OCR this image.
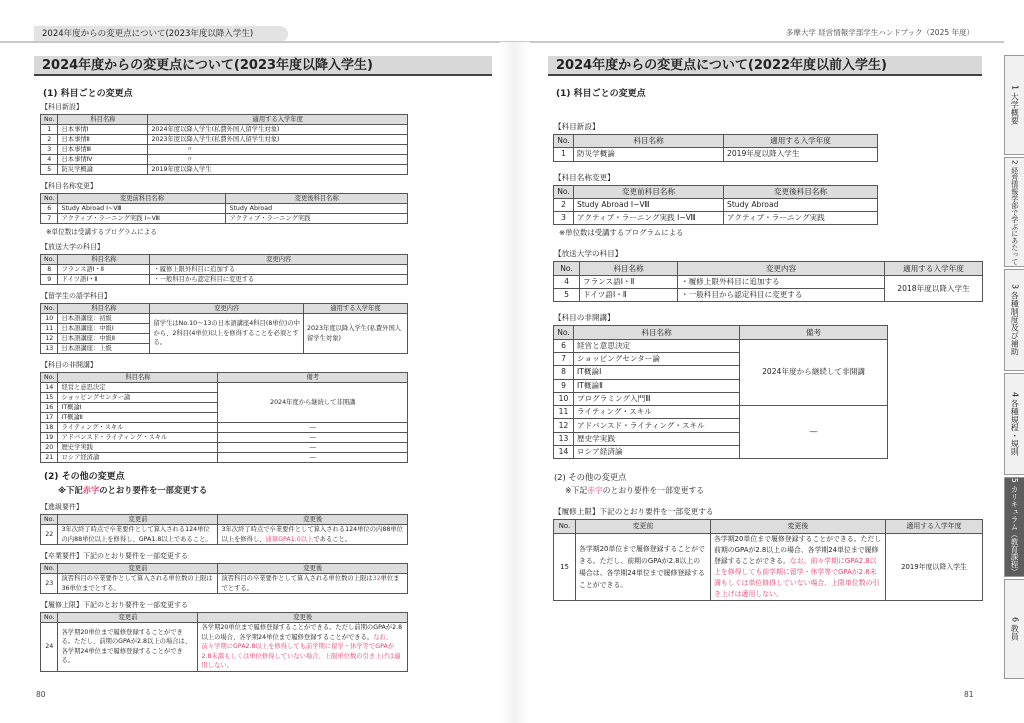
2024年度からの変更点について(2023年度以降入学生)	多摩大学 経営情報学部学生ハンドブック（2025 年度）
2024年度からの変更点について(2023年度以降入学生)	2024年度からの変更点について(2022年度以前入学生)
(1) 科目ごとの変更点
【科目新設】
No.	科目名称	適用する入学年度
1	日本事情Ⅰ	2024年度以降入学生(私費外国人留学生対象)
2	日本事情Ⅱ	2023年度以降入学生(私費外国人留学生対象)
3	日本事情Ⅲ	〃
4	日本事情Ⅳ	〃
5	防災学概論	2019年度以降入学生
【科目名称変更】
No.	変更前科目名称	変更後科目名称
6	Study Abroad Ⅰ~Ⅷ	Study Abroad
7	アクティブ・ラーニング実践 Ⅰ~Ⅷ	アクティブ・ラーニング実践
※単位数は受講するプログラムによる
【放送大学の科目】
No.	科目名称	変更内容
8	フランス語Ⅰ・Ⅱ	・履修上限外科目に追加する
9	ドイツ語Ⅰ・Ⅱ	・一般科目から認定科目に変更する
【留学生の語学科目】
No.	科目名称	変更内容	適用する入学年度
10	日本語講座：初級	留学生はNo.10〜13の日本語講座4科目(8単位)の中から、2科目(4単位)以上を修得することを必須とする。	2023年度以降入学生(私費外国人留学生対象)
11	日本語講座：中級Ⅰ		
12	日本語講座：中級Ⅱ		
13	日本語講座：上級		
【科目の非開講】
No.	科目名称	備考
14	経営と意思決定	2024年度から継続して非開講
15	ショッピングセンター論	
16	IT概論Ⅰ	
17	IT概論Ⅱ	
18	ライティング・スキル	―
19	アドバンスド・ライティング・スキル	―
20	歴史学実践	―
21	ロシア経済論	―
(2) その他の変更点
※下記赤字のとおり要件を一部変更する
【進級要件】
No.	変更前	変更後
22	3年次終了時点で卒業要件として算入される124単位の内88単位以上を修得し、GPA1.8以上であること。	3年次終了時点で卒業要件として算入される124単位の内88単位以上を修得し、通算GPA1.0以上であること。
【卒業要件】下記のとおり要件を一部変更する
No.	変更前	変更後
23	演習科目の卒業要件として算入される単位数の上限は36単位までとする。	演習科目の卒業要件として算入される単位数の上限は32単位までとする。
【履修上限】下記のとおり要件を一部変更する
No.	変更前	変更後
24	各学期20単位まで履修登録することができる。ただし、前期のGPAが2.8以上の場合は、各学期24単位まで履修登録することができる。	各学期20単位まで履修登録することができる。ただし前期のGPAが2.8以上の場合、各学期24単位まで履修登録することができる。なお、前々学期にGPA2.8以上を修得しても前学期に留学・休学等でGPAが2.8未満もしくは単位修得していない場合、上限単位数の引き上げは適用しない。
(1) 科目ごとの変更点
【科目新設】
No.	科目名称	適用する入学年度
1	防災学概論	2019年度以降入学生
【科目名称変更】
No.	変更前科目名称	変更後科目名称
2	Study Abroad Ⅰ~Ⅷ	Study Abroad
3	アクティブ・ラーニング実践 Ⅰ~Ⅷ	アクティブ・ラーニング実践
※単位数は受講するプログラムによる
【放送大学の科目】
No.	科目名称	変更内容	適用する入学年度
4	フランス語Ⅰ・Ⅱ	・履修上限外科目に追加する	2018年度以降入学生
5	ドイツ語Ⅰ・Ⅱ	・一般科目から認定科目に変更する	
【科目の非開講】
No.	科目名称	備考
6	経営と意思決定	2024年度から継続して非開講
7	ショッピングセンター論	
8	IT概論Ⅰ	
9	IT概論Ⅱ	
10	プログラミング入門Ⅲ	
11	ライティング・スキル	―
12	アドバンスド・ライティング・スキル	
13	歴史学実践	
14	ロシア経済論	
(2) その他の変更点
※下記赤字のとおり要件を一部変更する
【履修上限】下記のとおり要件を一部変更する
No.	変更前	変更後	適用する入学年度
15	各学期20単位まで履修登録することができる。ただし、前期のGPAが2.8以上の場合は、各学期24単位まで履修登録することができる。	各学期20単位まで履修登録することができる。ただし前期のGPAが2.8以上の場合、各学期24単位まで履修登録することができる。なお、前々学期にGPA2.8以上を修得しても前学期に留学・休学等でGPAが2.8未満もしくは単位修得していない場合、上限単位数の引き上げは適用しない。	2019年度以降入学生
80	81
1 大学概要
2 経営情報学部で学ぶにあたって
3 各種制度及び補助
4 各種規程・規則
5 カリキュラム（教育課程）
6 教員
